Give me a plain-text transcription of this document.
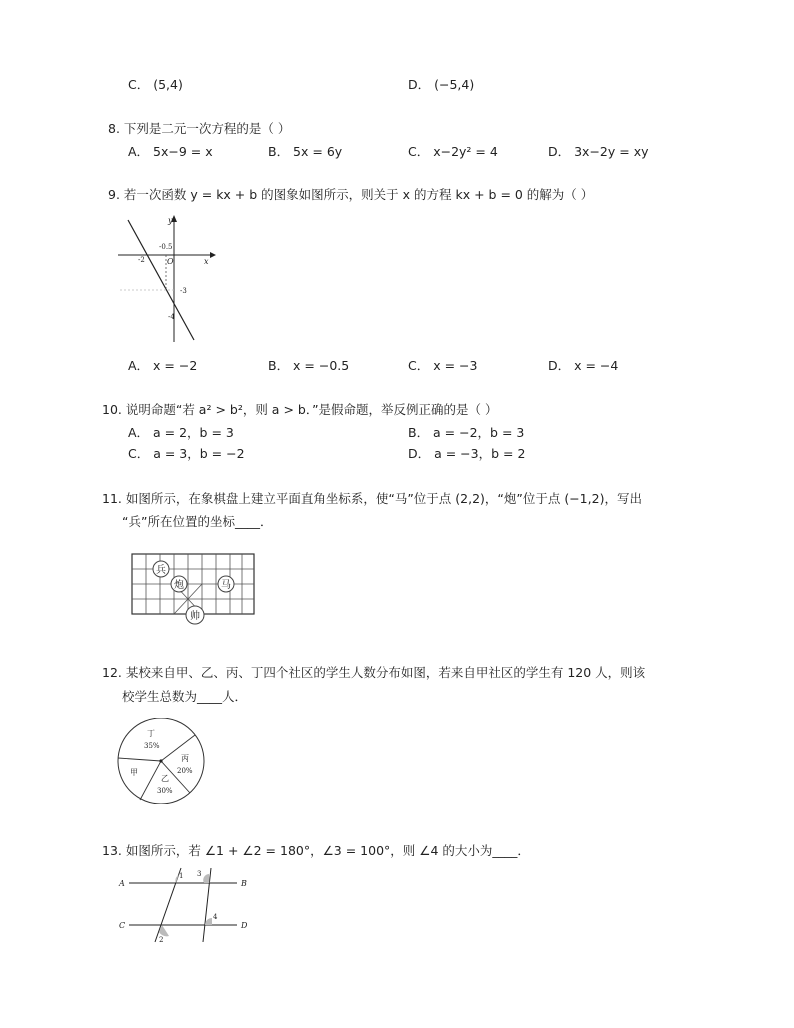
C． (5,4)	D． (−5,4)
8. 下列是二元一次方程的是（ ）
A． 5x−9 = x	B． 5x = 6y	C． x−2y² = 4	D． 3x−2y = xy
9. 若一次函数 y = kx + b 的图象如图所示，则关于 x 的方程 kx + b = 0 的解为（ ）
y
x
O
-2
-0.5
-3
-4
A． x = −2	B． x = −0.5	C． x = −3	D． x = −4
10. 说明命题“若 a² > b²，则 a > b．”是假命题，举反例正确的是（ ）
A． a = 2，b = 3	B． a = −2，b = 3
C． a = 3，b = −2	D． a = −3，b = 2
11. 如图所示，在象棋盘上建立平面直角坐标系，使“马”位于点 (2,2)，“炮”位于点 (−1,2)，写出
“兵”所在位置的坐标____．
兵
炮	马
帅
12. 某校来自甲、乙、丙、丁四个社区的学生人数分布如图，若来自甲社区的学生有 120 人，则该
校学生总数为____人．
丁
35%
丙
20%
甲
乙
30%
13. 如图所示，若 ∠1 + ∠2 = 180°，∠3 = 100°，则 ∠4 的大小为____．
A	B
C	D
1
2
3
4
